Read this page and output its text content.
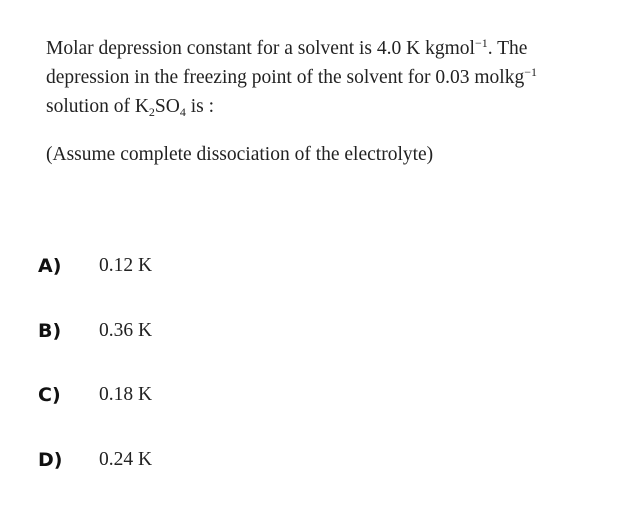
Molar depression constant for a solvent is 4.0 K kgmol$^{-1}$. The depression in the freezing point of the solvent for 0.03 molkg$^{-1}$ solution of $K_2SO_4$ is :

(Assume complete dissociation of the electrolyte)

A) 0.12 K
B) 0.36 K
C) 0.18 K
D) 0.24 K
